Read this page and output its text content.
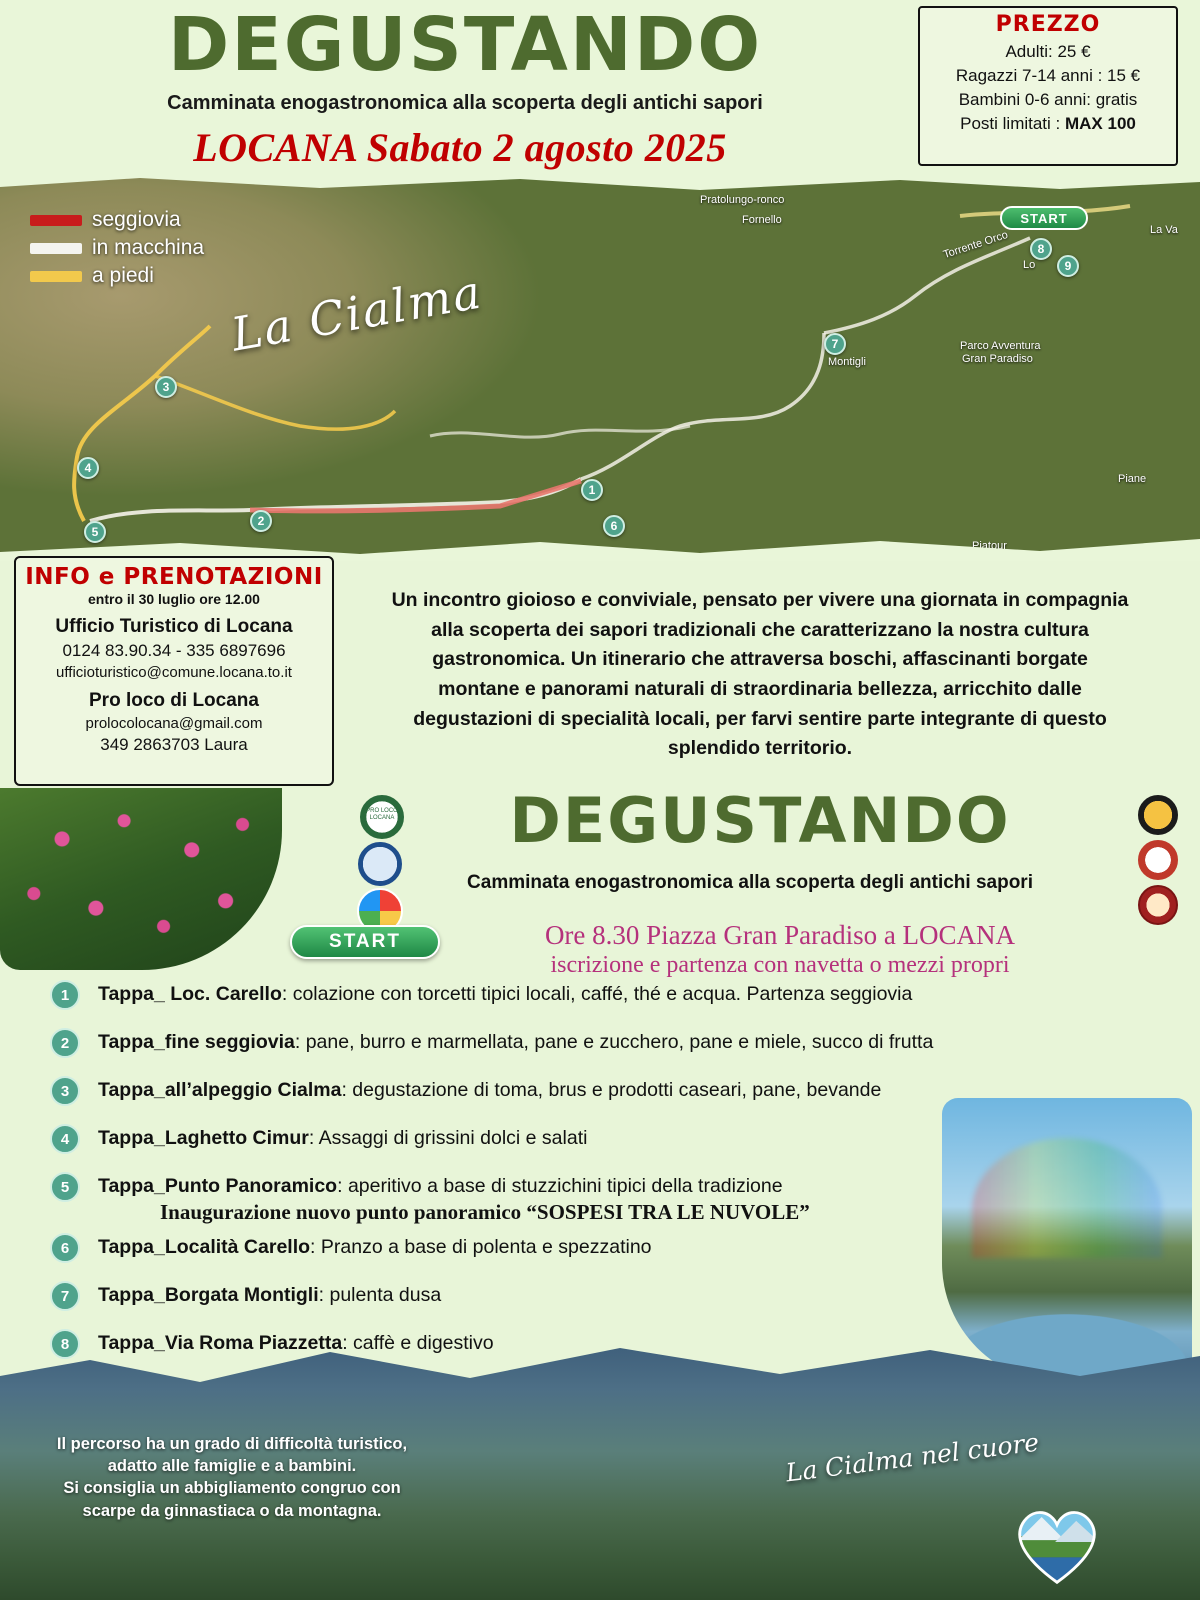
DEGUSTANDO
Camminata enogastronomica alla scoperta degli antichi sapori
LOCANA Sabato 2 agosto 2025
PREZZO
Adulti: 25 €
Ragazzi 7-14 anni : 15 €
Bambini 0-6 anni: gratis
Posti limitati : MAX 100
seggiovia
in macchina
a piedi La Cialma
START
Pratolungo-ronco
Fornello
Torrente Orco	La Va
Lo
Montigli
Parco Avventura
Gran Paradiso
Piane
Piatour
1
2
3
4
5	6
7
8
9
INFO e PRENOTAZIONI
entro il 30 luglio ore 12.00
Ufficio Turistico di Locana
0124 83.90.34 - 335 6897696
ufficioturistico@comune.locana.to.it
Pro loco di Locana
prolocolocana@gmail.com
349 2863703 Laura
Un incontro gioioso e conviviale, pensato per vivere una giornata in compagnia alla scoperta dei sapori tradizionali che caratterizzano la nostra cultura gastronomica. Un itinerario che attraversa boschi, affascinanti borgate montane e panorami naturali di straordinaria bellezza, arricchito dalle degustazioni di specialità locali, per farvi sentire parte integrante di questo splendido territorio.
DEGUSTANDO
Camminata enogastronomica alla scoperta degli antichi sapori
PRO LOCO LOCANA
START	Ore 8.30 Piazza Gran Paradiso a LOCANA
iscrizione e partenza con navetta o mezzi propri
1	Tappa_ Loc. Carello: colazione con torcetti tipici locali, caffé, thé e acqua. Partenza seggiovia
2	Tappa_fine seggiovia: pane, burro e marmellata, pane e zucchero, pane e miele, succo di frutta
3	Tappa_all’alpeggio Cialma: degustazione di toma, brus e prodotti caseari, pane, bevande
4	Tappa_Laghetto Cimur: Assaggi di grissini dolci e salati
5	Tappa_Punto Panoramico: aperitivo a base di stuzzichini tipici della tradizione
Inaugurazione nuovo punto panoramico “SOSPESI TRA LE NUVOLE”
6	Tappa_Località Carello: Pranzo a base di polenta e spezzatino
7	Tappa_Borgata Montigli: pulenta dusa
8	Tappa_Via Roma Piazzetta: caffè e digestivo
Il percorso ha un grado di difficoltà turistico,
adatto alle famiglie e a bambini.
Si consiglia un abbigliamento congruo con
scarpe da ginnastiaca o da montagna.
La Cialma nel cuore
